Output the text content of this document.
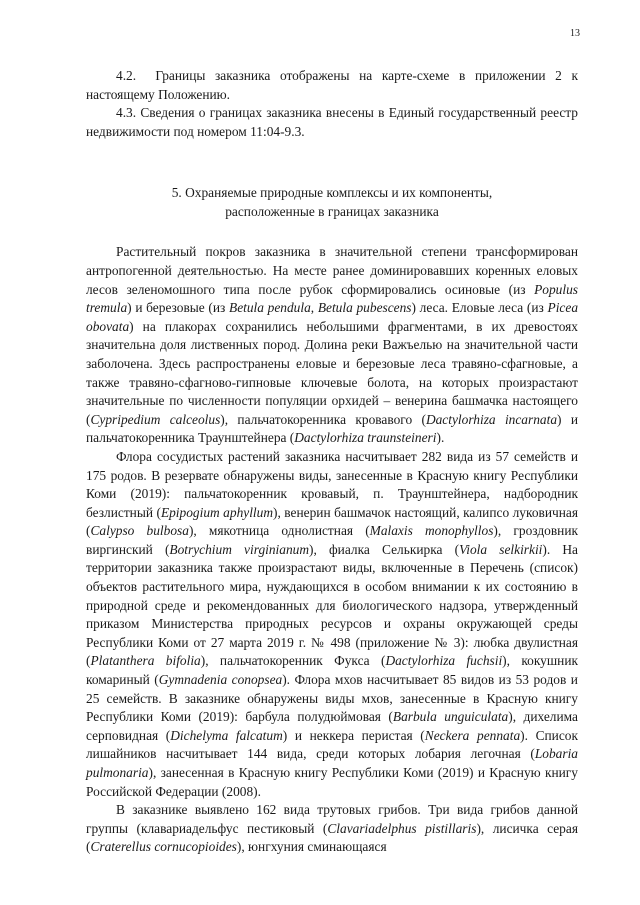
13

4.2.  Границы заказника отображены на карте-схеме в приложении 2 к настоящему Положению.

4.3. Сведения о границах заказника внесены в Единый государственный реестр недвижимости под номером 11:04-9.3.

5. Охраняемые природные комплексы и их компоненты,
расположенные в границах заказника

Растительный покров заказника в значительной степени трансформирован антропогенной деятельностью. На месте ранее доминировавших коренных еловых лесов зеленомошного типа после рубок сформировались осиновые (из Populus tremula) и березовые (из Betula pendula, Betula pubescens) леса. Еловые леса (из Picea obovata) на плакорах сохранились небольшими фрагментами, в их древостоях значительна доля лиственных пород. Долина реки Важъелью на значительной части заболочена. Здесь распространены еловые и березовые леса травяно-сфагновые, а также травяно-сфагново-гипновые ключевые болота, на которых произрастают значительные по численности популяции орхидей – венерина башмачка настоящего (Cypripedium calceolus), пальчатокоренника кровавого (Dactylorhiza incarnata) и пальчатокоренника Траунштейнера (Dactylorhiza traunsteineri).

Флора сосудистых растений заказника насчитывает 282 вида из 57 семейств и 175 родов. В резервате обнаружены виды, занесенные в Красную книгу Республики Коми (2019): пальчатокоренник кровавый, п. Траунштейнера, надбородник безлистный (Epipogium aphyllum), венерин башмачок настоящий, калипсо луковичная (Calypso bulbosa), мякотница однолистная (Malaxis monophyllos), гроздовник виргинский (Botrychium virginianum), фиалка Селькирка (Viola selkirkii). На территории заказника также произрастают виды, включенные в Перечень (список) объектов растительного мира, нуждающихся в особом внимании к их состоянию в природной среде и рекомендованных для биологического надзора, утвержденный приказом Министерства природных ресурсов и охраны окружающей среды Республики Коми от 27 марта 2019 г. № 498 (приложение № 3): любка двулистная (Platanthera bifolia), пальчатокоренник Фукса (Dactylorhiza fuchsii), кокушник комариный (Gymnadenia conopsea). Флора мхов насчитывает 85 видов из 53 родов и 25 семейств. В заказнике обнаружены виды мхов, занесенные в Красную книгу Республики Коми (2019): барбула полудюймовая (Barbula unguiculata), дихелима серповидная (Dichelyma falcatum) и неккера перистая (Neckera pennata). Список лишайников насчитывает 144 вида, среди которых лобария легочная (Lobaria pulmonaria), занесенная в Красную книгу Республики Коми (2019) и Красную книгу Российской Федерации (2008).

В заказнике выявлено 162 вида трутовых грибов. Три вида грибов данной группы (клавариадельфус пестиковый (Clavariadelphus pistillaris), лисичка серая (Craterellus cornucopioides), юнгхуния сминающаяся
